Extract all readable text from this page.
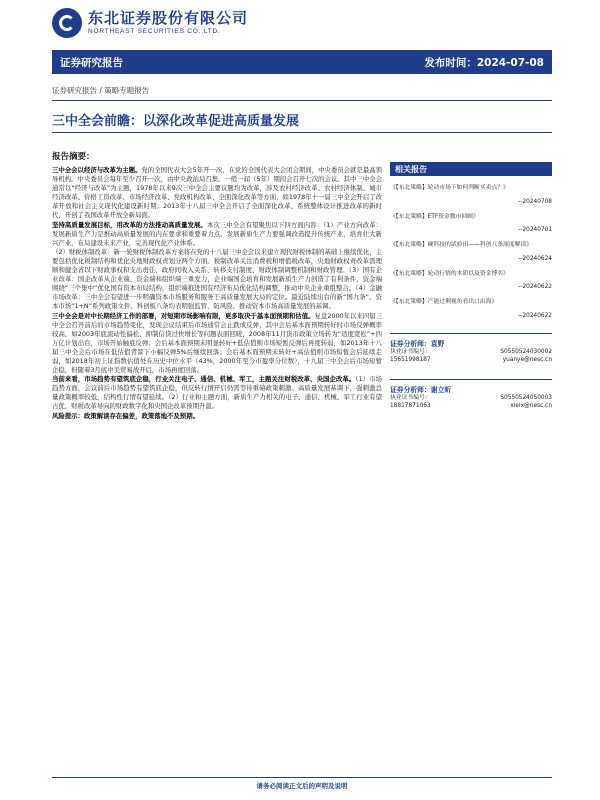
东北证券股份有限公司
NORTHEAST SECURITIES CO.,LTD.
证券研究报告	发布时间：2024-07-08
证券研究报告 / 策略专题报告
三中全会前瞻：以深化改革促进高质量发展
报告摘要：
三中全会以经济与改革为主题。党的全国代表大会5年开一次，在党的全国代表大会闭会期间，中央委员会就是最高领导机构。中央委员会每年至少召开一次，由中央政治局召集。一般一届（5年）期间会召开七次的会议。其中三中全会通常以“经济与改革”为主题，1978年以来9次三中全会主要议题均为改革，涉及农村经济改革、农村经济体制、城市经济改革、价格工资改革、市场经济改革、党政机构改革、全面深化改革等方面，如1978年十一届三中全会开启了改革开放和社会主义现代化建设新时期；2013年十八届三中全会开启了全面深化改革、系统整体设计推进改革的新时代，开创了我国改革开放全新局面。
坚持高质量发展目标，用改革的方法推动高质量发展。本次三中全会有望聚焦以下四方面内容：（1）产业方向改革：发展新质生产力是推动高质量发展的内在要求和重要着力点。发展新质生产力要强调改造提升传统产业，培育壮大新兴产业，布局建设未来产业，完善现代化产业体系。
（2）财税体制改革：新一轮财税体制改革方案将在党的十八届三中全会以来建立现代财税体制的基础上继续优化，主要包括优化税制结构和优化央地财政权责划分两个方面。税制改革关注消费税和增值税改革，央地财政权责改革需理顺和健全省以下财政事权和支出责任、政府间收入关系、转移支付制度、财政体制调整机制和财政管理。（3）国有企业改革：国企改革从企业端、资金端和组织端三重发力，企业端国企培育和发展新质生产力创造了有利条件，资金端围绕“三个集中”优化国有资本布局结构，组织端推进国有经济布局优化结构调整，推动中央企业重组整合。（4）金融市场改革：三中全会有望进一步明确资本市场服务和服务于高质量发展大局的定位。最近陆续出台的新“国九条”、资本市场“1+N”系列政策文件、科创板八条均表明强监管、防风险、推动资本市场高质量发展的基调。
三中全会是对中长期经济工作的部署，对短期市场影响有限，更多取决于基本面预期和估值。复盘2000年以来四届三中全会召开前后的市场趋势变化，发现会议结束后市场通常会止跌或反弹，其中会后基本面预期转好时市场反弹概率较高，如2003年底流动性偏松、抑制信贷过快增长等问题表面回暖，2008年11月货币政策立场转为“适度宽松”+四万亿计划出台，市场开始触底反弹；会后基本面预期未明显转好+低估值则市场短暂反弹后再度转弱，如2013年十八届三中全会后市场在低估值背景下小幅反弹5%后继续回落；会后基本面预期未转好+高估值则市场短暂会后延续走弱，如2018年初上证指数估值处在历史中位水平（43%，2000年至今市盈率分位数），十九届三中全会后市场短暂企稳，但随着3月底中美贸易战开启，市场再度回落。
当前来看，市场趋势有望筑底企稳，行业关注电子、通信、机械、军工，主题关注财税改革、央国企改革。（1）市场趋势方面，会议前后市场趋势有望筑底企稳，但反转行情开启仍需等待重磅政策刺激。高质量发展基调下，强刺激总量政策概率较低，结构性行情有望延续。（2）行业和主题方面，新质生产力相关的电子、通信、机械、军工行业有望占优，财税改革导向的财政数字化和央国企改革预期升温。
风险提示：政策解读存在偏差，政策落地不及预期。
相关报告
《【东北策略】轮动市场下如何判断买卖点？》
--20240708
《【东北策略】ETF资金数市回顾》
--20240701
《【东北策略】硬科技的试验田——科创八条深度解读》
--20240624
《【东北策略】轮动行情的本质以及资金博弈》
--20240622
《【东北策略】产能过剩视角看出口出海》
--20240622
证券分析师：袁野
执业证书编号：	S0550524030002
15651998187	yuanye@nesc.cn
证券分析师：谢立昕
执业证书编号：	S0550524050003
18817871063	xielx@nesc.cn
请务必阅读正文后的声明及说明
